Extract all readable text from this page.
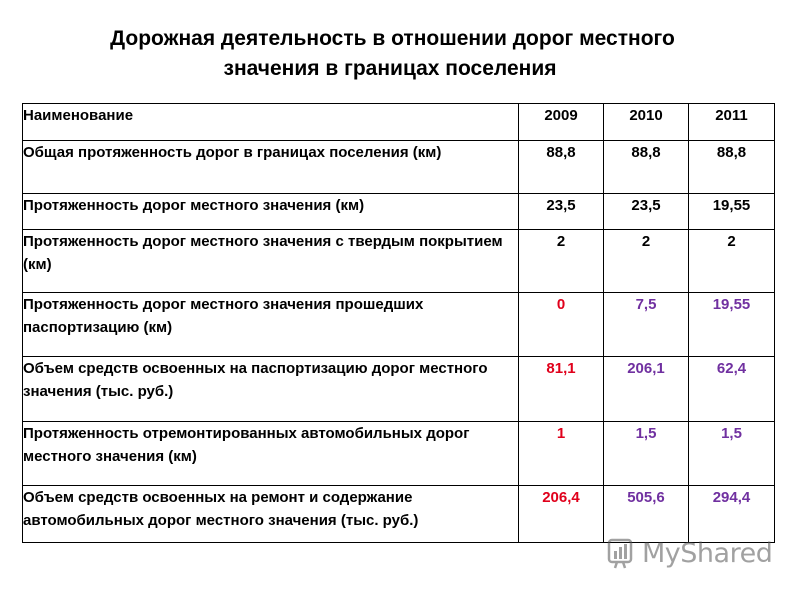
Дорожная деятельность в отношении дорог местного
значения в границах поселения
Наименование	2009	2010	2011
Общая протяженность дорог в границах поселения (км)	88,8	88,8	88,8
Протяженность дорог местного значения (км)	23,5	23,5	19,55
Протяженность дорог местного значения с твердым покрытием (км)	2	2	2
Протяженность дорог местного значения прошедших паспортизацию (км)	0	7,5	19,55
Объем средств освоенных на паспортизацию дорог местного значения (тыс. руб.)	81,1	206,1	62,4
Протяженность отремонтированных автомобильных дорог местного значения (км)	1	1,5	1,5
Объем средств освоенных на ремонт и содержание автомобильных дорог местного значения (тыс. руб.)	206,4	505,6	294,4
MyShared
